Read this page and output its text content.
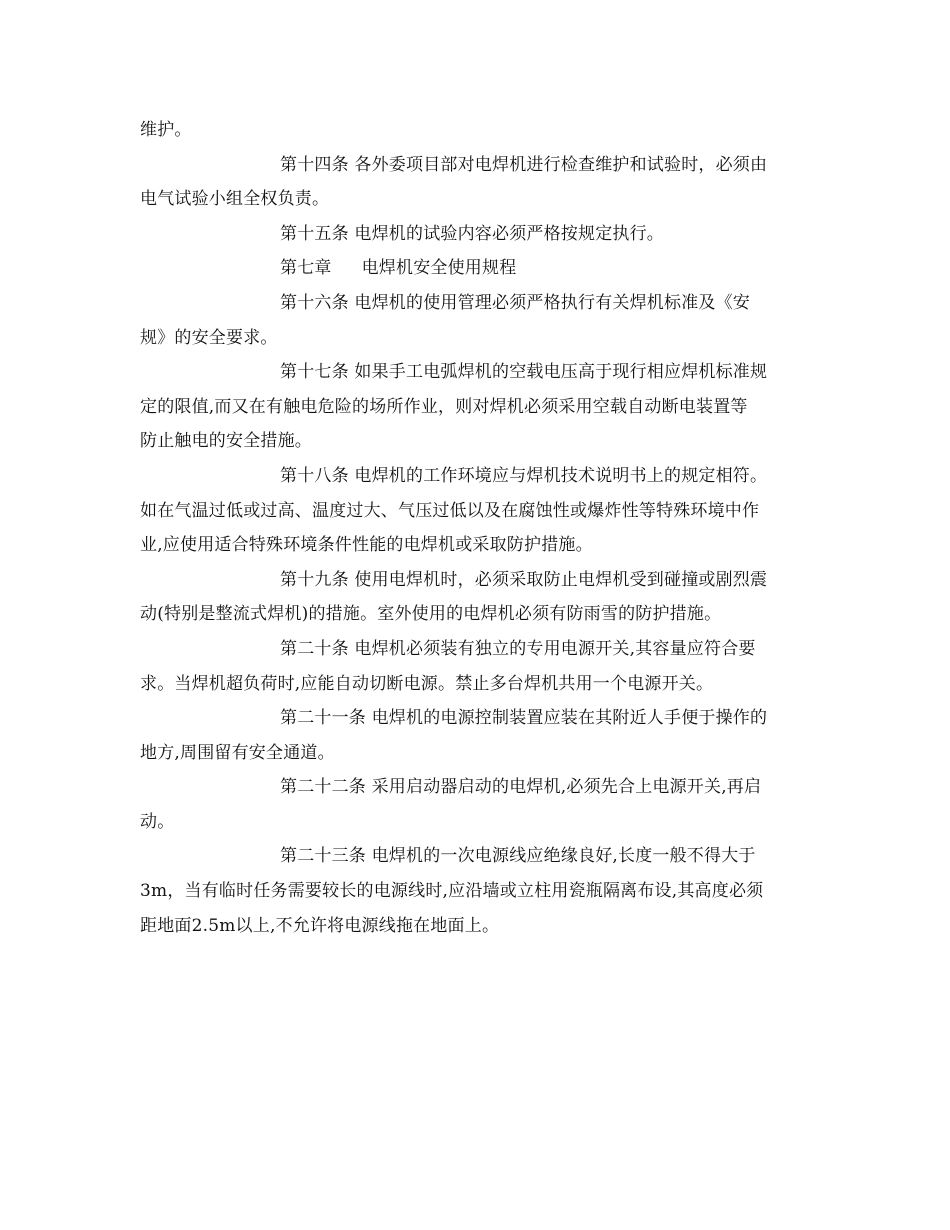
维护。
第十四条 各外委项目部对电焊机进行检查维护和试验时，必须由
电气试验小组全权负责。
第十五条 电焊机的试验内容必须严格按规定执行。
第七章 电焊机安全使用规程
第十六条 电焊机的使用管理必须严格执行有关焊机标准及《安
规》的安全要求。
第十七条 如果手工电弧焊机的空载电压高于现行相应焊机标准规
定的限值,而又在有触电危险的场所作业，则对焊机必须采用空载自动断电装置等
防止触电的安全措施。
第十八条 电焊机的工作环境应与焊机技术说明书上的规定相符。
如在气温过低或过高、温度过大、气压过低以及在腐蚀性或爆炸性等特殊环境中作
业,应使用适合特殊环境条件性能的电焊机或采取防护措施。
第十九条 使用电焊机时，必须采取防止电焊机受到碰撞或剧烈震
动(特别是整流式焊机)的措施。室外使用的电焊机必须有防雨雪的防护措施。
第二十条 电焊机必须装有独立的专用电源开关,其容量应符合要
求。当焊机超负荷时,应能自动切断电源。禁止多台焊机共用一个电源开关。
第二十一条 电焊机的电源控制装置应装在其附近人手便于操作的
地方,周围留有安全通道。
第二十二条 采用启动器启动的电焊机,必须先合上电源开关,再启
动。
第二十三条 电焊机的一次电源线应绝缘良好,长度一般不得大于
3m，当有临时任务需要较长的电源线时,应沿墙或立柱用瓷瓶隔离布设,其高度必须
距地面2.5m以上,不允许将电源线拖在地面上。
